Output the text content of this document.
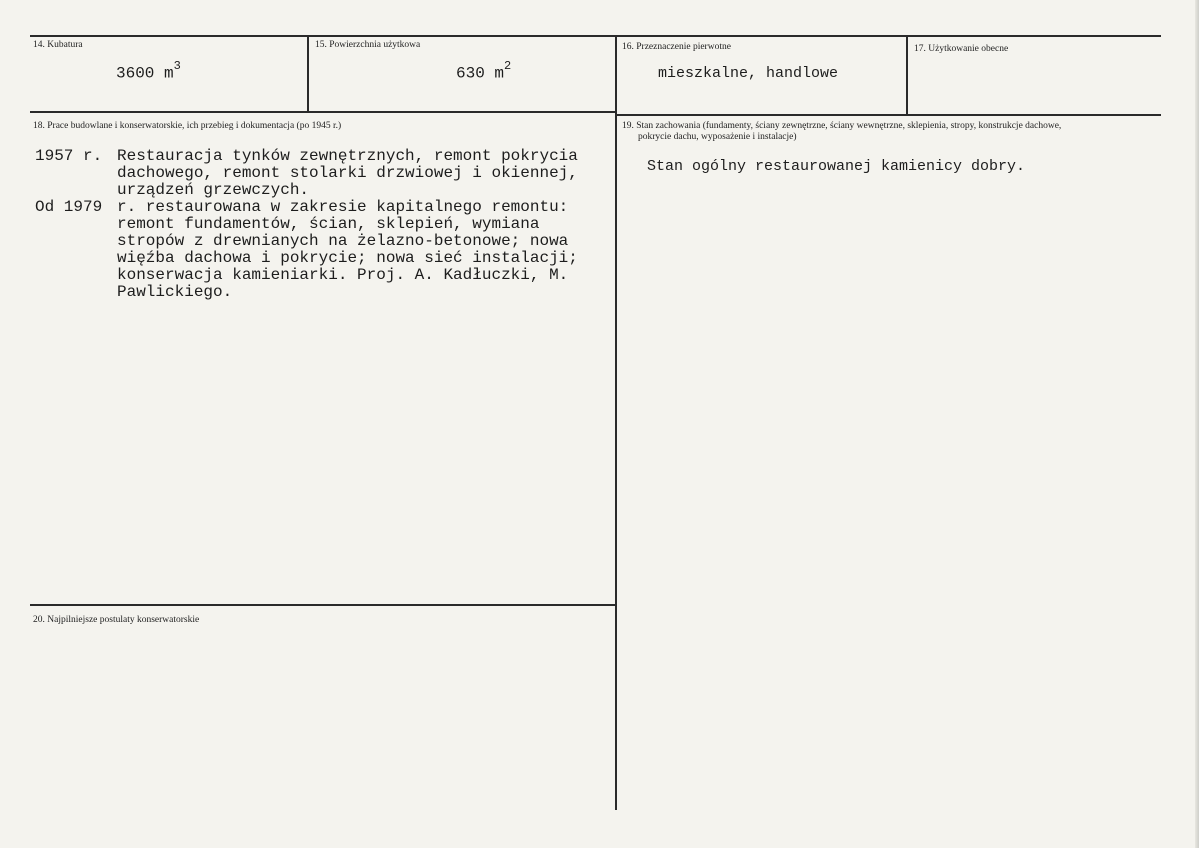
14. Kubatura
3600 $m^3$
15. Powierzchnia użytkowa
630 $m^2$
16. Przeznaczenie pierwotne
mieszkalne, handlowe
17. Użytkowanie obecne
18. Prace budowlane i konserwatorskie, ich przebieg i dokumentacja (po 1945 r.)
1957 r. Restauracja tynków zewnętrznych, remont pokrycia dachowego, remont stolarki drzwiowej i okiennej, urządzeń grzewczych.
Od 1979 r. restaurowana w zakresie kapitalnego remontu: remont fundamentów, ścian, sklepień, wymiana stropów z drewnianych na żelazno-betonowe; nowa więźba dachowa i pokrycie; nowa sieć instalacji; konserwacja kamieniarki. Proj. A. Kadłuczki, M. Pawlickiego.
19. Stan zachowania (fundamenty, ściany zewnętrzne, ściany wewnętrzne, sklepienia, stropy, konstrukcje dachowe,
pokrycie dachu, wyposażenie i instalacje)
Stan ogólny restaurowanej kamienicy dobry.
20. Najpilniejsze postulaty konserwatorskie
